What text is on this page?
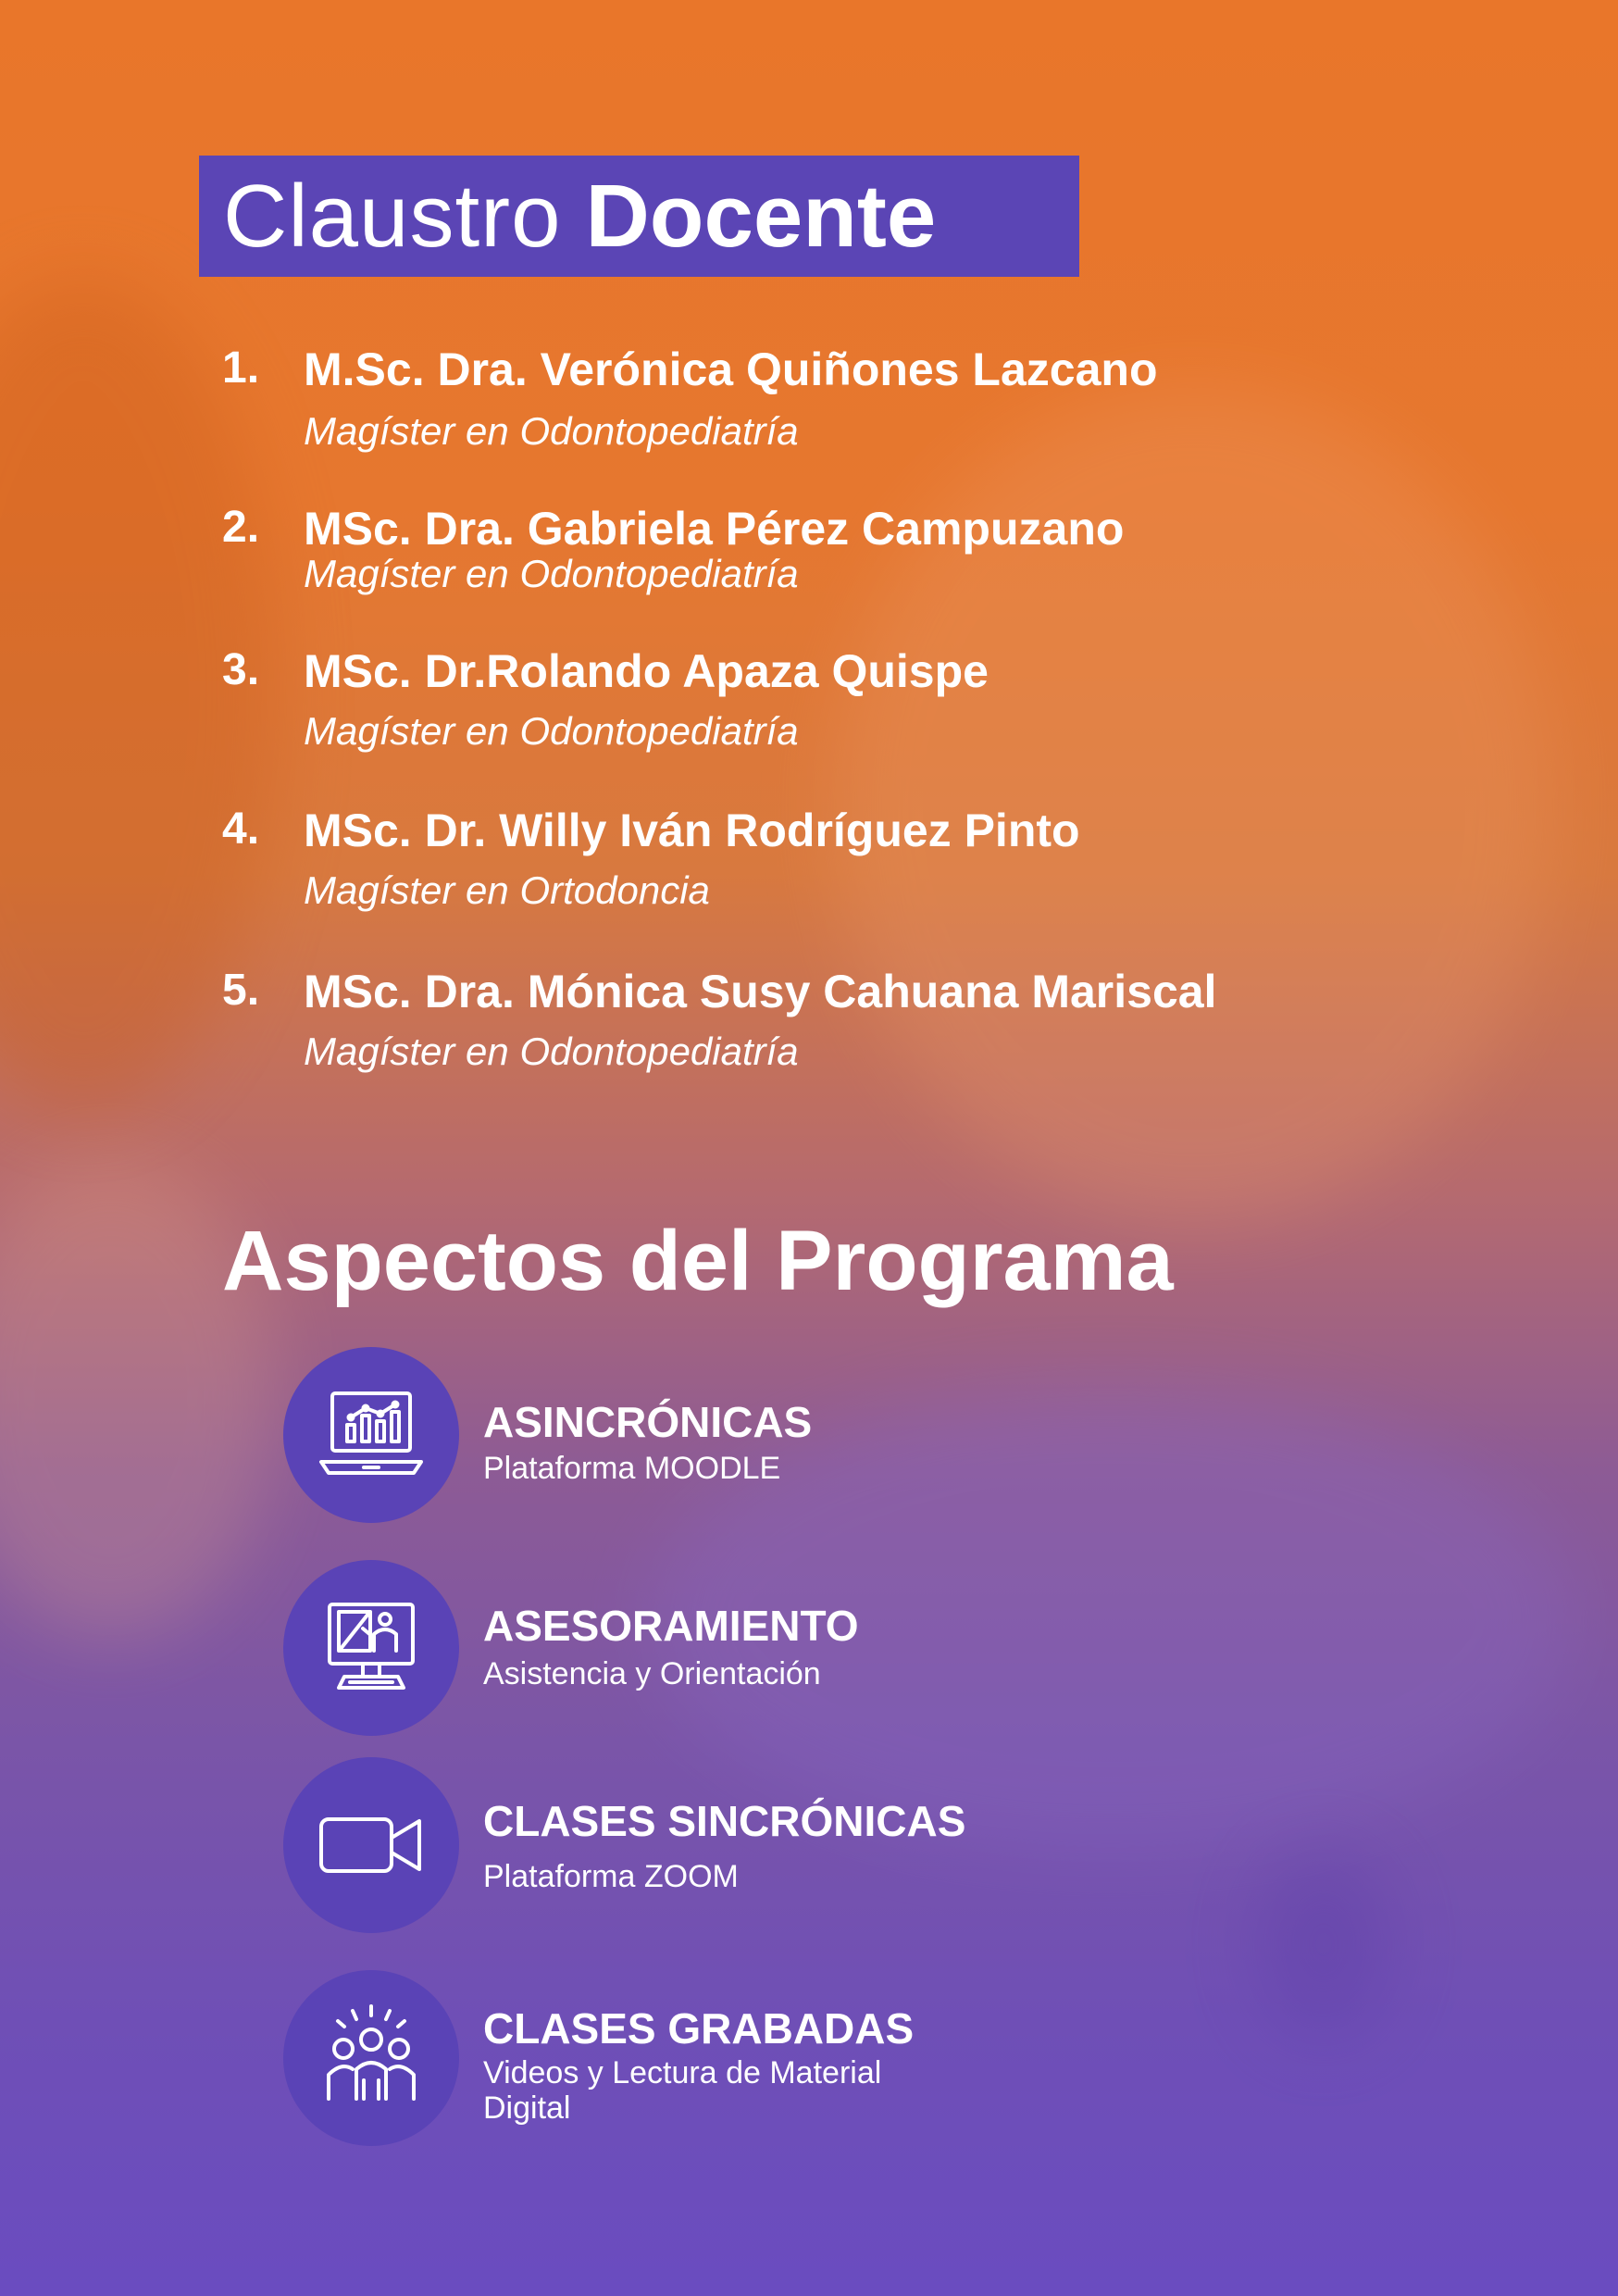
Claustro Docente
1. M.Sc. Dra. Verónica Quiñones Lazcano
Magíster en Odontopediatría
2. MSc. Dra. Gabriela Pérez Campuzano
Magíster en Odontopediatría
3. MSc. Dr.Rolando Apaza Quispe
Magíster en Odontopediatría
4. MSc. Dr. Willy Iván Rodríguez Pinto
Magíster en Ortodoncia
5. MSc. Dra. Mónica Susy Cahuana Mariscal
Magíster en Odontopediatría
Aspectos del Programa
ASINCRÓNICAS
Plataforma MOODLE
ASESORAMIENTO
Asistencia y Orientación
CLASES SINCRÓNICAS
Plataforma ZOOM
CLASES GRABADAS
Videos y Lectura de Material Digital
